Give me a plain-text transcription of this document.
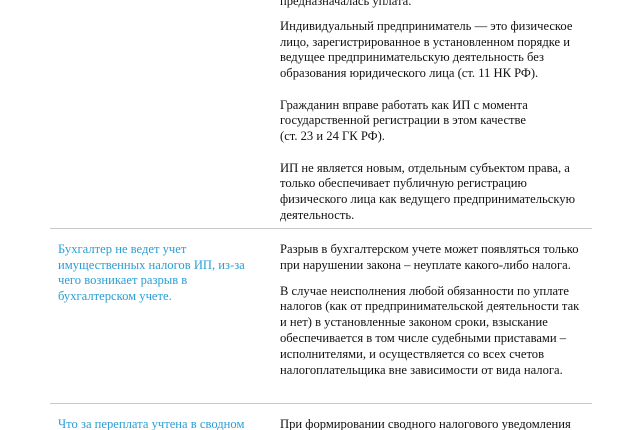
предназначалась уплата.

Индивидуальный предприниматель — это физическое
лицо, зарегистрированное в установленном порядке и
ведущее предпринимательскую деятельность без
образования юридического лица (ст. 11 НК РФ).

Гражданин вправе работать как ИП с момента
государственной регистрации в этом качестве
(ст. 23 и 24 ГК РФ).

ИП не является новым, отдельным субъектом права, а
только обеспечивает публичную регистрацию
физического лица как ведущего предпринимательскую
деятельность.

Бухгалтер не ведет учет
имущественных налогов ИП, из-за
чего возникает разрыв в
бухгалтерском учете.

Разрыв в бухгалтерском учете может появляться только
при нарушении закона – неуплате какого-либо налога.

В случае неисполнения любой обязанности по уплате
налогов (как от предпринимательской деятельности так
и нет) в установленные законом сроки, взыскание
обеспечивается в том числе судебными приставами –
исполнителями, и осуществляется со всех счетов
налогоплательщика вне зависимости от вида налога.

Что за переплата учтена в сводном	При формировании сводного налогового уведомления
